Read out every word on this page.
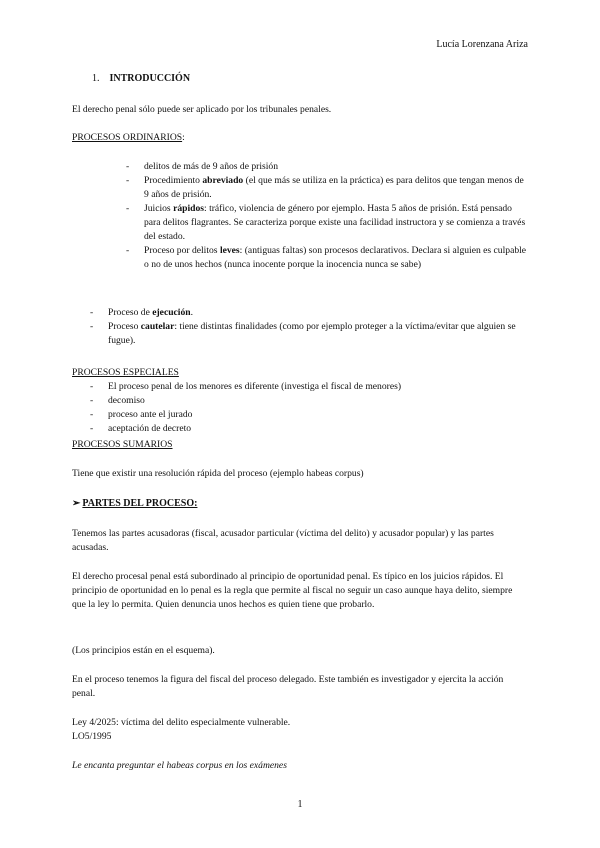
Lucía Lorenzana Ariza
1. INTRODUCCIÓN
El derecho penal sólo puede ser aplicado por los tribunales penales.
PROCESOS ORDINARIOS:
- delitos de más de 9 años de prisión
- Procedimiento abreviado (el que más se utiliza en la práctica) es para delitos que tengan menos de 9 años de prisión.
- Juicios rápidos: tráfico, violencia de género por ejemplo. Hasta 5 años de prisión. Está pensado para delitos flagrantes. Se caracteriza porque existe una facilidad instructora y se comienza a través del estado.
- Proceso por delitos leves: (antiguas faltas) son procesos declarativos. Declara si alguien es culpable o no de unos hechos (nunca inocente porque la inocencia nunca se sabe)
- Proceso de ejecución.
- Proceso cautelar: tiene distintas finalidades (como por ejemplo proteger a la víctima/evitar que alguien se fugue).
PROCESOS ESPECIALES
- El proceso penal de los menores es diferente (investiga el fiscal de menores)
- decomiso
- proceso ante el jurado
- aceptación de decreto
PROCESOS SUMARIOS
Tiene que existir una resolución rápida del proceso (ejemplo habeas corpus)
➢ PARTES DEL PROCESO:
Tenemos las partes acusadoras (fiscal, acusador particular (víctima del delito) y acusador popular) y las partes acusadas.
El derecho procesal penal está subordinado al principio de oportunidad penal. Es típico en los juicios rápidos. El principio de oportunidad en lo penal es la regla que permite al fiscal no seguir un caso aunque haya delito, siempre que la ley lo permita. Quien denuncia unos hechos es quien tiene que probarlo.
(Los principios están en el esquema).
En el proceso tenemos la figura del fiscal del proceso delegado. Este también es investigador y ejercita la acción penal.
Ley 4/2025: víctima del delito especialmente vulnerable.
LO5/1995
Le encanta preguntar el habeas corpus en los exámenes
1
